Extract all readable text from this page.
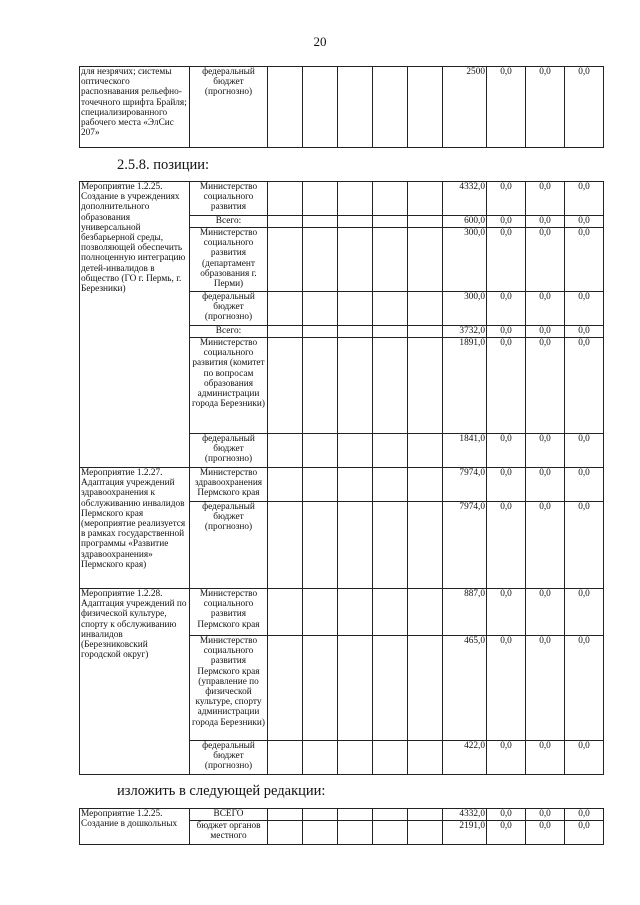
20
для незрячих; системы оптического распознавания рельефно-точечного шрифта Брайля; специализированного рабочего места «ЭлСис 207»	федеральный бюджет (прогнозно)						2500	0,0	0,0	0,0
2.5.8. позиции:
Мероприятие 1.2.25. Создание в учреждениях дополнительного образования универсальной безбарьерной среды, позволяющей обеспечить полноценную интеграцию детей-инвалидов в общество (ГО г. Пермь, г. Березники)	Министерство социального развития						4332,0	0,0	0,0	0,0
	Всего:						600,0	0,0	0,0	0,0
	Министерство социального развития (департамент образования г. Перми)						300,0	0,0	0,0	0,0
	федеральный бюджет (прогнозно)						300,0	0,0	0,0	0,0
	Всего:						3732,0	0,0	0,0	0,0
	Министерство социального развития (комитет по вопросам образования администрации города Березники)						1891,0	0,0	0,0	0,0
	федеральный бюджет (прогнозно)						1841,0	0,0	0,0	0,0
Мероприятие 1.2.27. Адаптация учреждений здравоохранения к обслуживанию инвалидов Пермского края (мероприятие реализуется в рамках государственной программы «Развитие здравоохранения» Пермского края)	Министерство здравоохранения Пермского края						7974,0	0,0	0,0	0,0
	федеральный бюджет (прогнозно)						7974,0	0,0	0,0	0,0
Мероприятие 1.2.28. Адаптация учреждений по физической культуре, спорту к обслуживанию инвалидов (Березниковский городской округ)	Министерство социального развития Пермского края						887,0	0,0	0,0	0,0
	Министерство социального развития Пермского края (управление по физической культуре, спорту администрации города Березники)						465,0	0,0	0,0	0,0
	федеральный бюджет (прогнозно)						422,0	0,0	0,0	0,0
изложить в следующей редакции:
Мероприятие 1.2.25. Создание в дошкольных	ВСЕГО						4332,0	0,0	0,0	0,0
	бюджет органов местного						2191,0	0,0	0,0	0,0
